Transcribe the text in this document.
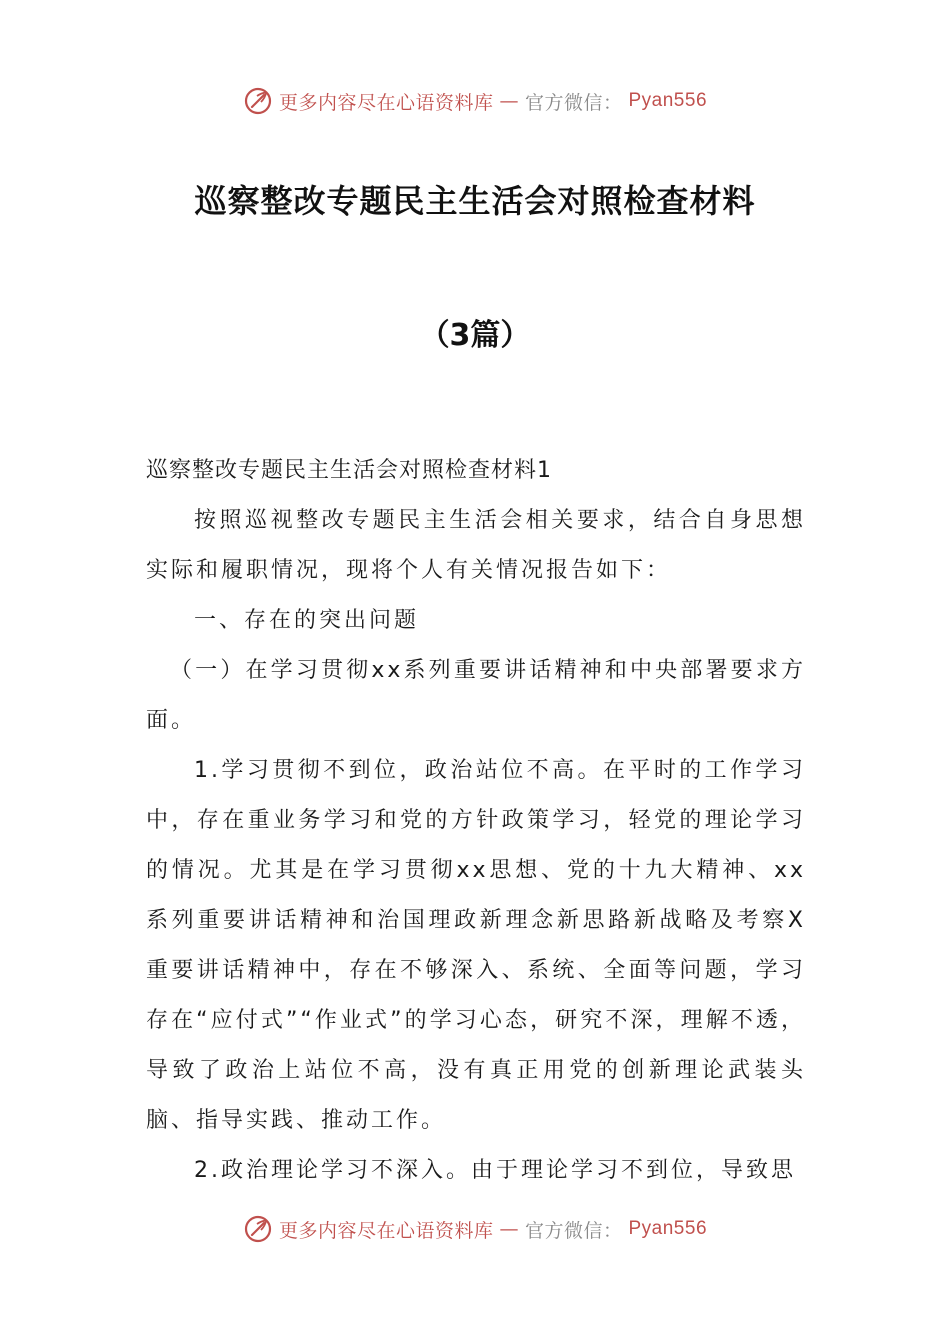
更多内容尽在心语资料库 — 官方微信： Pyan556
巡察整改专题民主生活会对照检查材料
（3篇）

巡察整改专题民主生活会对照检查材料1

按照巡视整改专题民主生活会相关要求，结合自身思想实际和履职情况，现将个人有关情况报告如下：

一、存在的突出问题

（一）在学习贯彻xx系列重要讲话精神和中央部署要求方面。

1.学习贯彻不到位，政治站位不高。在平时的工作学习中，存在重业务学习和党的方针政策学习，轻党的理论学习的情况。尤其是在学习贯彻xx思想、党的十九大精神、xx系列重要讲话精神和治国理政新理念新思路新战略及考察X重要讲话精神中，存在不够深入、系统、全面等问题，学习存在“应付式”“作业式”的学习心态，研究不深，理解不透，导致了政治上站位不高，没有真正用党的创新理论武装头脑、指导实践、推动工作。

2.政治理论学习不深入。由于理论学习不到位，导致思

更多内容尽在心语资料库 — 官方微信： Pyan556
